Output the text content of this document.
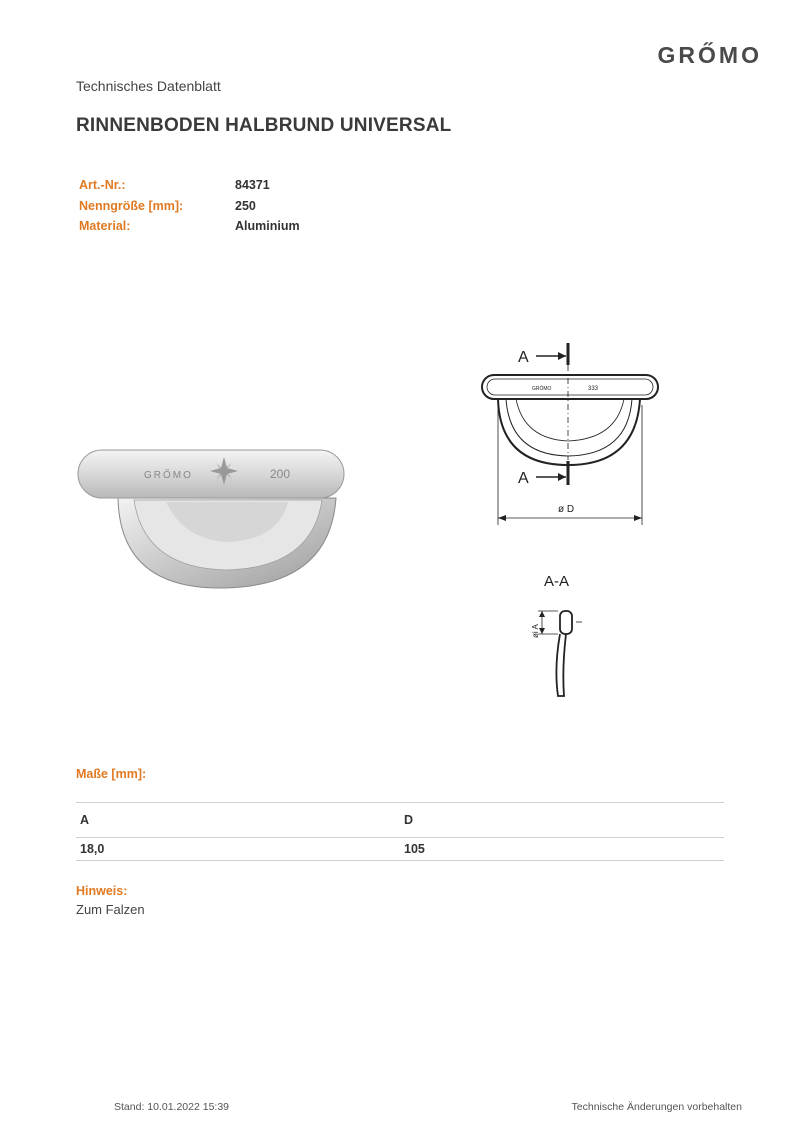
GRŐMO
Technisches Datenblatt
RINNENBODEN HALBRUND UNIVERSAL
Art.-Nr.:	84371
Nenngröße [mm]:	250
Material:	Aluminium
GRŐMO	200
A
GRŐMO	333
A
ø D
A-A
øi A
Maße [mm]:
A	D
18,0	105
Hinweis:
Zum Falzen
Stand: 10.01.2022 15:39	Technische Änderungen vorbehalten
